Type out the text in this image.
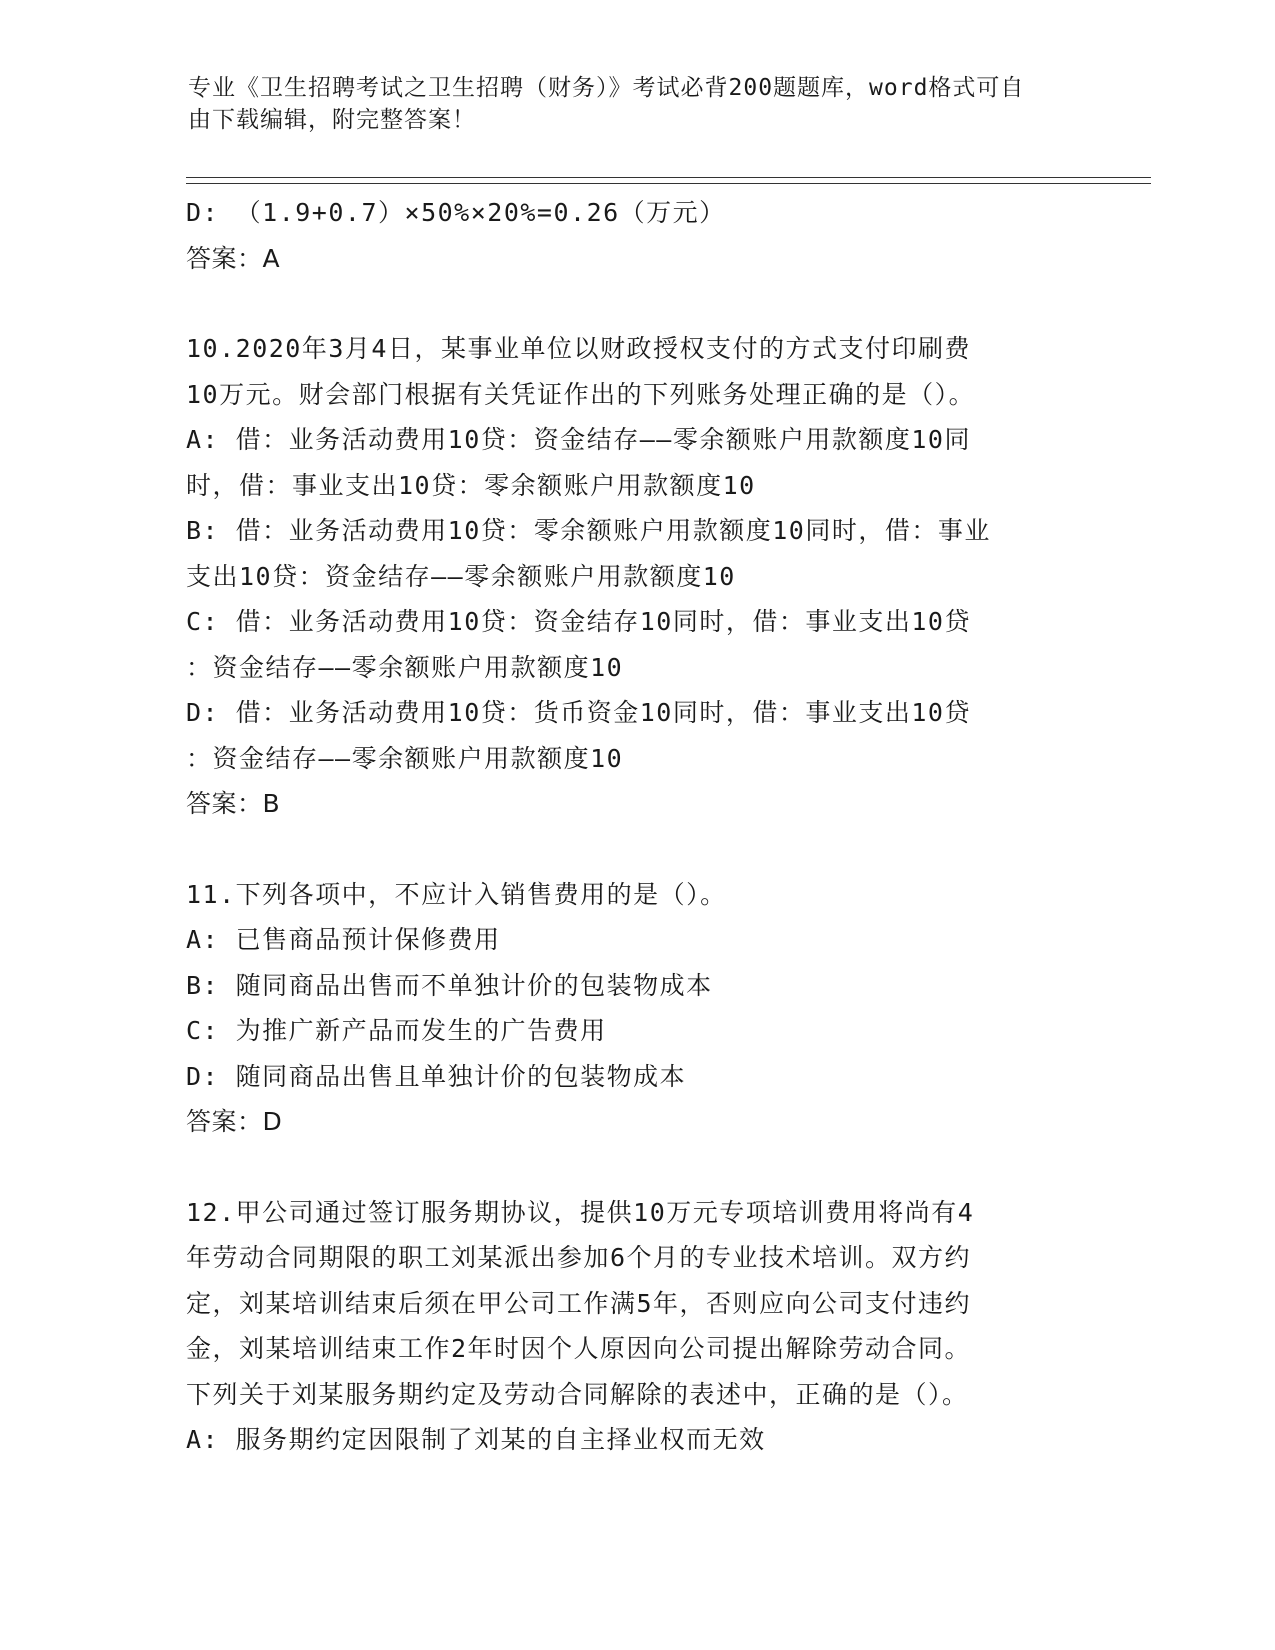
专业《卫生招聘考试之卫生招聘（财务）》考试必背200题题库，word格式可自
由下载编辑，附完整答案！
D: （1.9+0.7）×50%×20%=0.26（万元）
答案：A
10.2020年3月4日，某事业单位以财政授权支付的方式支付印刷费
10万元。财会部门根据有关凭证作出的下列账务处理正确的是（）。
A: 借：业务活动费用10贷：资金结存——零余额账户用款额度10同
时，借：事业支出10贷：零余额账户用款额度10
B: 借：业务活动费用10贷：零余额账户用款额度10同时，借：事业
支出10贷：资金结存——零余额账户用款额度10
C: 借：业务活动费用10贷：资金结存10同时，借：事业支出10贷
：资金结存——零余额账户用款额度10
D: 借：业务活动费用10贷：货币资金10同时，借：事业支出10贷
：资金结存——零余额账户用款额度10
答案：B
11.下列各项中，不应计入销售费用的是（）。
A: 已售商品预计保修费用
B: 随同商品出售而不单独计价的包装物成本
C: 为推广新产品而发生的广告费用
D: 随同商品出售且单独计价的包装物成本
答案：D
12.甲公司通过签订服务期协议，提供10万元专项培训费用将尚有4
年劳动合同期限的职工刘某派出参加6个月的专业技术培训。双方约
定，刘某培训结束后须在甲公司工作满5年，否则应向公司支付违约
金，刘某培训结束工作2年时因个人原因向公司提出解除劳动合同。
下列关于刘某服务期约定及劳动合同解除的表述中，正确的是（）。
A: 服务期约定因限制了刘某的自主择业权而无效
